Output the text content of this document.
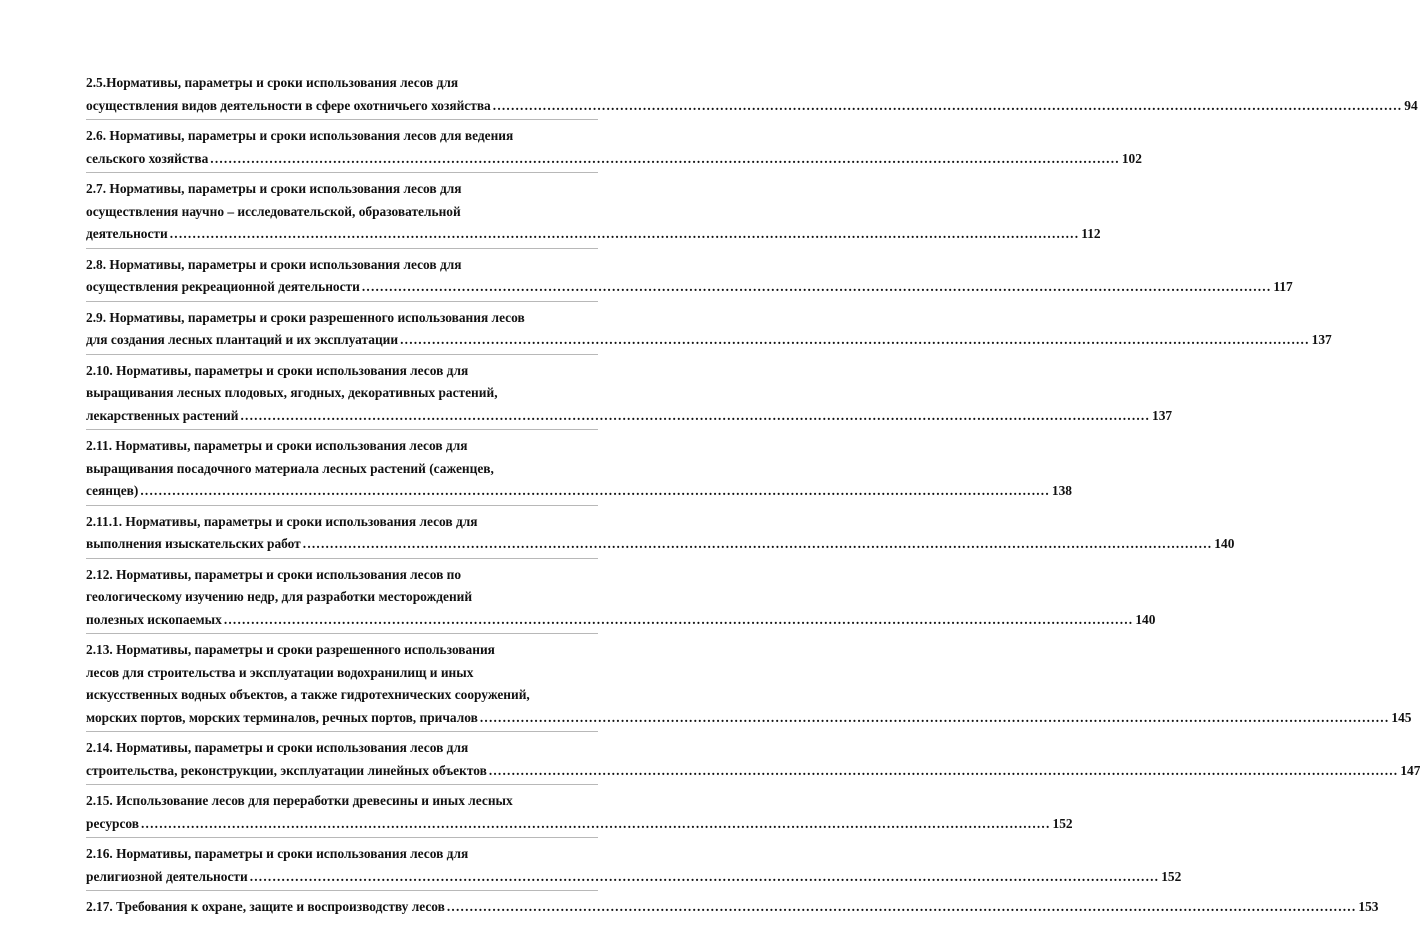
2.5.Нормативы, параметры и сроки использования лесов для
осуществления видов деятельности в сфере охотничьего хозяйства ........................................................................................................................................................................................................ 94
2.6. Нормативы, параметры и сроки использования лесов для ведения
сельского хозяйства ........................................................................................................................................................................................................ 102
2.7. Нормативы, параметры и сроки использования лесов для
осуществления научно – исследовательской, образовательной
деятельности ........................................................................................................................................................................................................ 112
2.8. Нормативы, параметры и сроки использования лесов для
осуществления рекреационной деятельности ........................................................................................................................................................................................................ 117
2.9. Нормативы, параметры и сроки разрешенного использования лесов
для создания лесных плантаций и их эксплуатации ........................................................................................................................................................................................................ 137
2.10. Нормативы, параметры и сроки использования лесов для
выращивания лесных плодовых, ягодных, декоративных растений,
лекарственных растений ........................................................................................................................................................................................................ 137
2.11. Нормативы, параметры и сроки использования лесов для
выращивания посадочного материала лесных растений (саженцев,
сеянцев) ........................................................................................................................................................................................................ 138
2.11.1. Нормативы, параметры и сроки использования лесов для
выполнения изыскательских работ ........................................................................................................................................................................................................ 140
2.12. Нормативы, параметры и сроки использования лесов по
геологическому изучению недр, для разработки месторождений
полезных ископаемых ........................................................................................................................................................................................................ 140
2.13. Нормативы, параметры и сроки разрешенного использования
лесов для строительства и эксплуатации водохранилищ и иных
искусственных водных объектов, а также гидротехнических сооружений,
морских портов, морских терминалов, речных портов, причалов ........................................................................................................................................................................................................ 145
2.14. Нормативы, параметры и сроки использования лесов для
строительства, реконструкции, эксплуатации линейных объектов ........................................................................................................................................................................................................ 147
2.15. Использование лесов для переработки древесины и иных лесных
ресурсов ........................................................................................................................................................................................................ 152
2.16. Нормативы, параметры и сроки использования лесов для
религиозной деятельности ........................................................................................................................................................................................................ 152
2.17. Требования к охране, защите и воспроизводству лесов ........................................................................................................................................................................................................ 153
